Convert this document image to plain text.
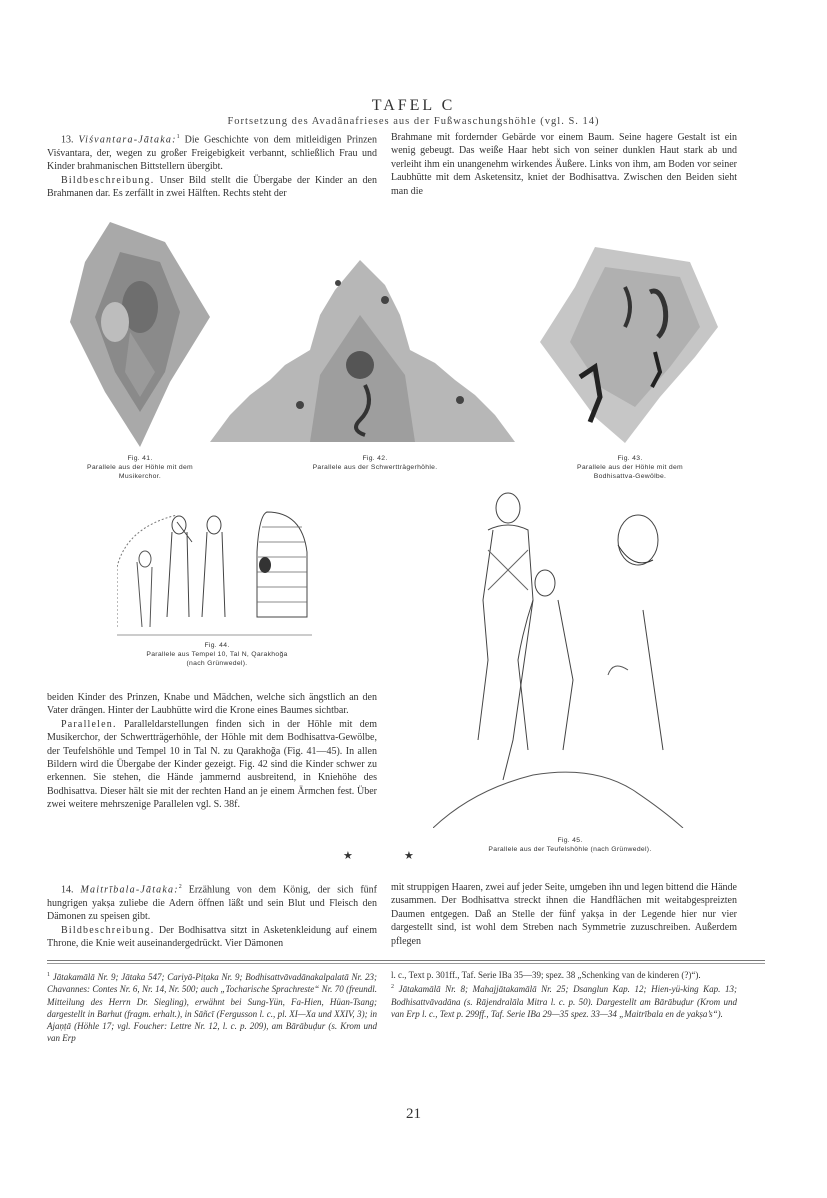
TAFEL C
Fortsetzung des Avadânafrieses aus der Fußwaschungshöhle (vgl. S. 14)

13. Viśvantara-Jātaka:$^1$ Die Geschichte von dem mitleidigen Prinzen Viśvantara, der, wegen zu großer Freigebigkeit verbannt, schließlich Frau und Kinder brahmanischen Bittstellern übergibt.

Bildbeschreibung. Unser Bild stellt die Übergabe der Kinder an den Brahmanen dar. Es zerfällt in zwei Hälften. Rechts steht der

Brahmane mit fordernder Gebärde vor einem Baum. Seine hagere Gestalt ist ein wenig gebeugt. Das weiße Haar hebt sich von seiner dunklen Haut stark ab und verleiht ihm ein unangenehm wirkendes Äußere. Links von ihm, am Boden vor seiner Laubhütte mit dem Asketensitz, kniet der Bodhisattva. Zwischen den Beiden sieht man die

Fig. 41.
Parallele aus der Höhle mit dem
Musikerchor.
Fig. 42.
Parallele aus der Schwertträgerhöhle.
Fig. 43.
Parallele aus der Höhle mit dem
Bodhisattva-Gewölbe.
Fig. 44.
Parallele aus Tempel 10, Tal N, Qarakhoğa
(nach Grünwedel).
Fig. 45.
Parallele aus der Teufelshöhle (nach Grünwedel).

beiden Kinder des Prinzen, Knabe und Mädchen, welche sich ängstlich an den Vater drängen. Hinter der Laubhütte wird die Krone eines Baumes sichtbar.

Parallelen. Paralleldarstellungen finden sich in der Höhle mit dem Musikerchor, der Schwertträgerhöhle, der Höhle mit dem Bodhisattva-Gewölbe, der Teufelshöhle und Tempel 10 in Tal N. zu Qarakhoğa (Fig. 41—45). In allen Bildern wird die Übergabe der Kinder gezeigt. Fig. 42 sind die Kinder schwer zu erkennen. Sie stehen, die Hände jammernd ausbreitend, in Kniehöhe des Bodhisattva. Dieser hält sie mit der rechten Hand an je einem Ärmchen fest. Über zwei weitere mehrszenige Parallelen vgl. S. 38f.

★	★

14. Maitrībala-Jātaka:$^2$ Erzählung von dem König, der sich fünf hungrigen yakṣa zuliebe die Adern öffnen läßt und sein Blut und Fleisch den Dämonen zu speisen gibt.

Bildbeschreibung. Der Bodhisattva sitzt in Asketenkleidung auf einem Throne, die Knie weit auseinandergedrückt. Vier Dämonen

mit struppigen Haaren, zwei auf jeder Seite, umgeben ihn und legen bittend die Hände zusammen. Der Bodhisattva streckt ihnen die Handflächen mit weitabgespreizten Daumen entgegen. Daß an Stelle der fünf yakṣa in der Legende hier nur vier dargestellt sind, ist wohl dem Streben nach Symmetrie zuzuschreiben. Außerdem pflegen

$^1$ Jātakamālā Nr. 9; Jātaka 547; Cariyā-Piṭaka Nr. 9; Bodhisattvāvadānakalpalatā Nr. 23; Chavannes: Contes Nr. 6, Nr. 14, Nr. 500; auch „Tocharische Sprachreste“ Nr. 70 (freundl. Mitteilung des Herrn Dr. Siegling), erwähnt bei Sung-Yün, Fa-Hien, Hüan-Tsang; dargestellt in Barhut (fragm. erhalt.), in Sāñcī (Fergusson l. c., pl. XI—Xa und XXIV, 3); in Ajaṇṭā (Höhle 17; vgl. Foucher: Lettre Nr. 12, l. c. p. 209), am Bārābuḍur (s. Krom und van Erp
l. c., Text p. 301ff., Taf. Serie IBa 35—39; spez. 38 „Schenking van de kinderen (?)“).
$^2$ Jātakamālā Nr. 8; Mahajjātakamālā Nr. 25; Dsanglun Kap. 12; Hien-yü-king Kap. 13; Bodhisattvāvadāna (s. Rājendralāla Mitra l. c. p. 50). Dargestellt am Bārābuḍur (Krom und van Erp l. c., Text p. 299ff., Taf. Serie IBa 29—35 spez. 33—34 „Maitrībala en de yakṣa’s“).
21
